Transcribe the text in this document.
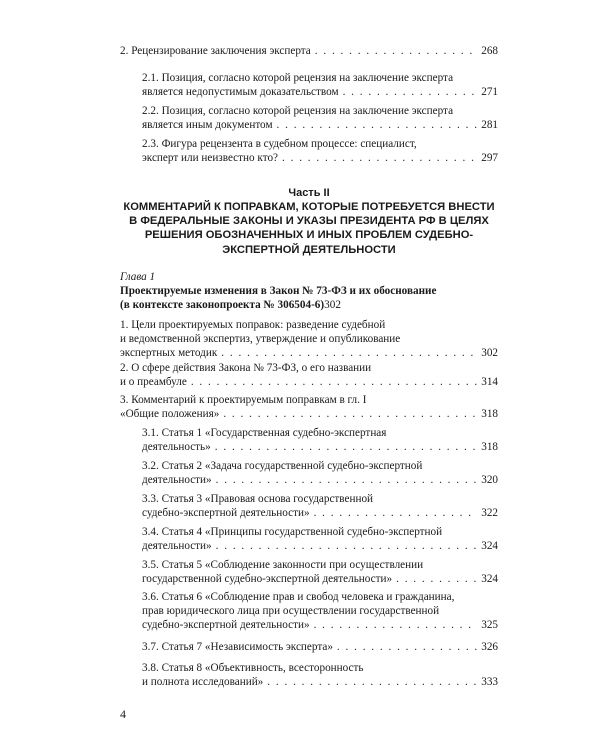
2. Рецензирование заключения эксперта . . .	268
2.1. Позиция, согласно которой рецензия на заключение эксперта
является недопустимым доказательством . . .	271
2.2. Позиция, согласно которой рецензия на заключение эксперта
является иным документом . . .	281
2.3. Фигура рецензента в судебном процессе: специалист,
эксперт или неизвестно кто? . . .	297
Часть II
КОММЕНТАРИЙ К ПОПРАВКАМ, КОТОРЫЕ ПОТРЕБУЕТСЯ ВНЕСТИ
В ФЕДЕРАЛЬНЫЕ ЗАКОНЫ И УКАЗЫ ПРЕЗИДЕНТА РФ В ЦЕЛЯХ
РЕШЕНИЯ ОБОЗНАЧЕННЫХ И ИНЫХ ПРОБЛЕМ СУДЕБНО-
ЭКСПЕРТНОЙ ДЕЯТЕЛЬНОСТИ
Глава 1
Проектируемые изменения в Закон № 73-ФЗ и их обоснование
(в контексте законопроекта № 306504-6)302
1. Цели проектируемых поправок: разведение судебной
и ведомственной экспертиз, утверждение и опубликование
экспертных методик . . .	302
2. О сфере действия Закона № 73-ФЗ, о его названии
и о преамбуле . . .	314
3. Комментарий к проектируемым поправкам в гл. I
«Общие положения» . . .	318
3.1. Статья 1 «Государственная судебно-экспертная
деятельность» . . .	318
3.2. Статья 2 «Задача государственной судебно-экспертной
деятельности» . . .	320
3.3. Статья 3 «Правовая основа государственной
судебно-экспертной деятельности» . . .	322
3.4. Статья 4 «Принципы государственной судебно-экспертной
деятельности» . . .	324
3.5. Статья 5 «Соблюдение законности при осуществлении
государственной судебно-экспертной деятельности» . . .	324
3.6. Статья 6 «Соблюдение прав и свобод человека и гражданина,
прав юридического лица при осуществлении государственной
судебно-экспертной деятельности» . . .	325
3.7. Статья 7 «Независимость эксперта» . . .	326
3.8. Статья 8 «Объективность, всесторонность
и полнота исследований» . . .	333
4
